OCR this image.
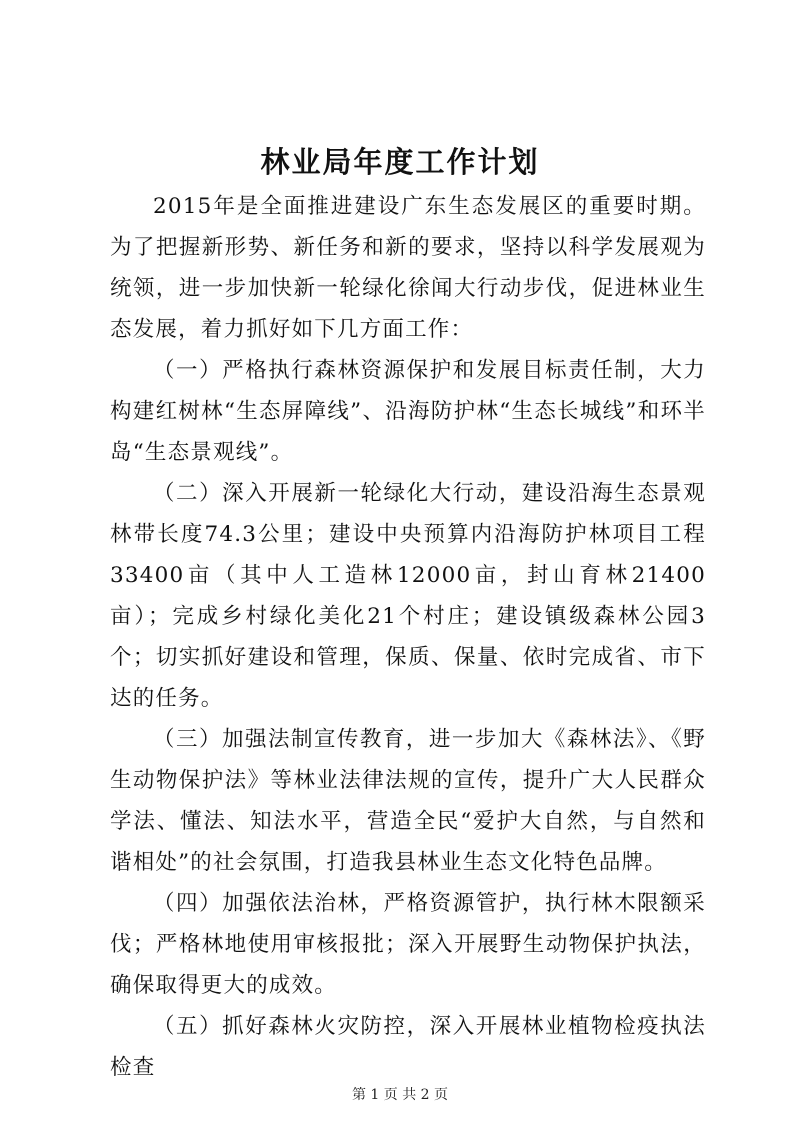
林业局年度工作计划

2015年是全面推进建设广东生态发展区的重要时期。为了把握新形势、新任务和新的要求，坚持以科学发展观为统领，进一步加快新一轮绿化徐闻大行动步伐，促进林业生态发展，着力抓好如下几方面工作：

（一）严格执行森林资源保护和发展目标责任制，大力构建红树林“生态屏障线”、沿海防护林“生态长城线”和环半岛“生态景观线”。

（二）深入开展新一轮绿化大行动，建设沿海生态景观林带长度74.3公里；建设中央预算内沿海防护林项目工程33400亩（其中人工造林12000亩，封山育林21400亩）；完成乡村绿化美化21个村庄；建设镇级森林公园3个；切实抓好建设和管理，保质、保量、依时完成省、市下达的任务。

（三）加强法制宣传教育，进一步加大《森林法》、《野生动物保护法》等林业法律法规的宣传，提升广大人民群众学法、懂法、知法水平，营造全民“爱护大自然，与自然和谐相处”的社会氛围，打造我县林业生态文化特色品牌。

（四）加强依法治林，严格资源管护，执行林木限额采伐；严格林地使用审核报批；深入开展野生动物保护执法，确保取得更大的成效。

（五）抓好森林火灾防控，深入开展林业植物检疫执法检查

第 1 页 共 2 页
